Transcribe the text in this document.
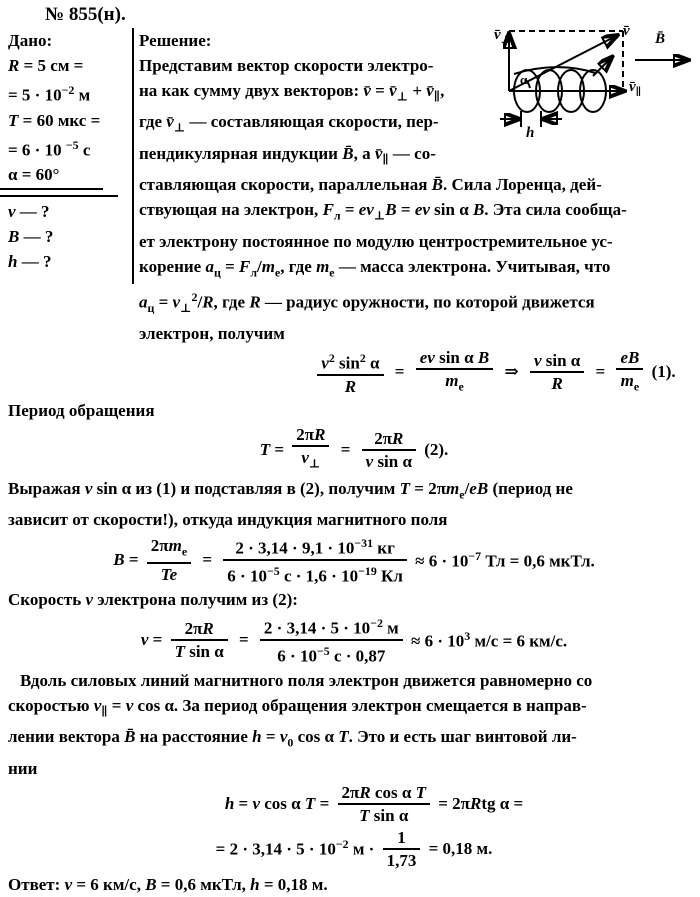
№ 855(н).
Дано:
R = 5 см =
= $5 \cdot 10^{-2}$ м
T = 60 мкс =
= 6 · 10 $^{-5}$ с
α = 60°
v — ?
B — ?
h — ?
Решение:
Представим вектор скорости электро-
на как сумму двух векторов: v̄ = $v̄_\perp$ + $v̄_\parallel$,
где $v̄_\perp$ — составляющая скорости, пер-
пендикулярная индукции B̄, а $v̄_\parallel$ — со-
ставляющая скорости, параллельная B̄. Сила Лоренца, дей-
ствующая на электрон, $F_л = ev_\perp B$ = ev sin α B. Эта сила сообща-
ет электрону постоянное по модулю центростремительное ус-
корение $a_ц = F_л/m_e$, где $m_e$ — масса электрона. Учитывая, что
$a_ц = v_\perp^2/R$, где R — радиус оружности, по которой движется
электрон, получим
$\frac{v^2 \sin^2 \alpha}{R} = \frac{\text{ev sin α B}}{m_e}$ ⇒ $\frac{\text{v sin α}}{R} = \frac{eB}{m_e} (1)$.
Период обращения
$T = \frac{2\pi R}{v_\perp} = \frac{2\pi R}{\text{v sin α}} (2)$.
Выражая v sin α из (1) и подставляя в (2), получим $T = 2\pi m_e/eB$ (период не
зависит от скорости!), откуда индукция магнитного поля
$B = \frac{2\pi m_e}{Te} = \frac{2 \cdot 3,14 \cdot 9,1 \cdot 10^{-31} кг}{6 \cdot 10^{-5} с \cdot 1,6 \cdot 10^{-19} Кл} \approx 6 \cdot 10^{-7}$ Тл = 0,6 мкТл.
Скорость v электрона получим из (2):
$v = \frac{2\pi R}{\text{T sin α}} = \frac{2 \cdot 3,14 \cdot 5 \cdot 10^{-2} м}{6 \cdot 10^{-5} с \cdot 0,87} \approx 6 \cdot 10^3$ м/с = 6 км/с.
Вдоль силовых линий магнитного поля электрон движется равномерно со
скоростью $v_\parallel = v$ cos α. За период обращения электрон смещается в направ-
лении вектора B̄ на расстояние $h = v_0$ cos α T. Это и есть шаг винтовой ли-
нии
h = v cos α $T = \frac{\text{2πR cos α T}}{\text{T sin α}} = 2\pi Rtg$ α =
= $2 \cdot 3,14 \cdot 5 \cdot 10^{-2}$ $м \cdot \frac{1}{1,73} = 0,18$ м.
Ответ: v = 6 км/с, B = 0,6 мкТл, h = 0,18 м.
$v̄_\perp$
v̄ B̄
$v̄_\parallel$
α
h
